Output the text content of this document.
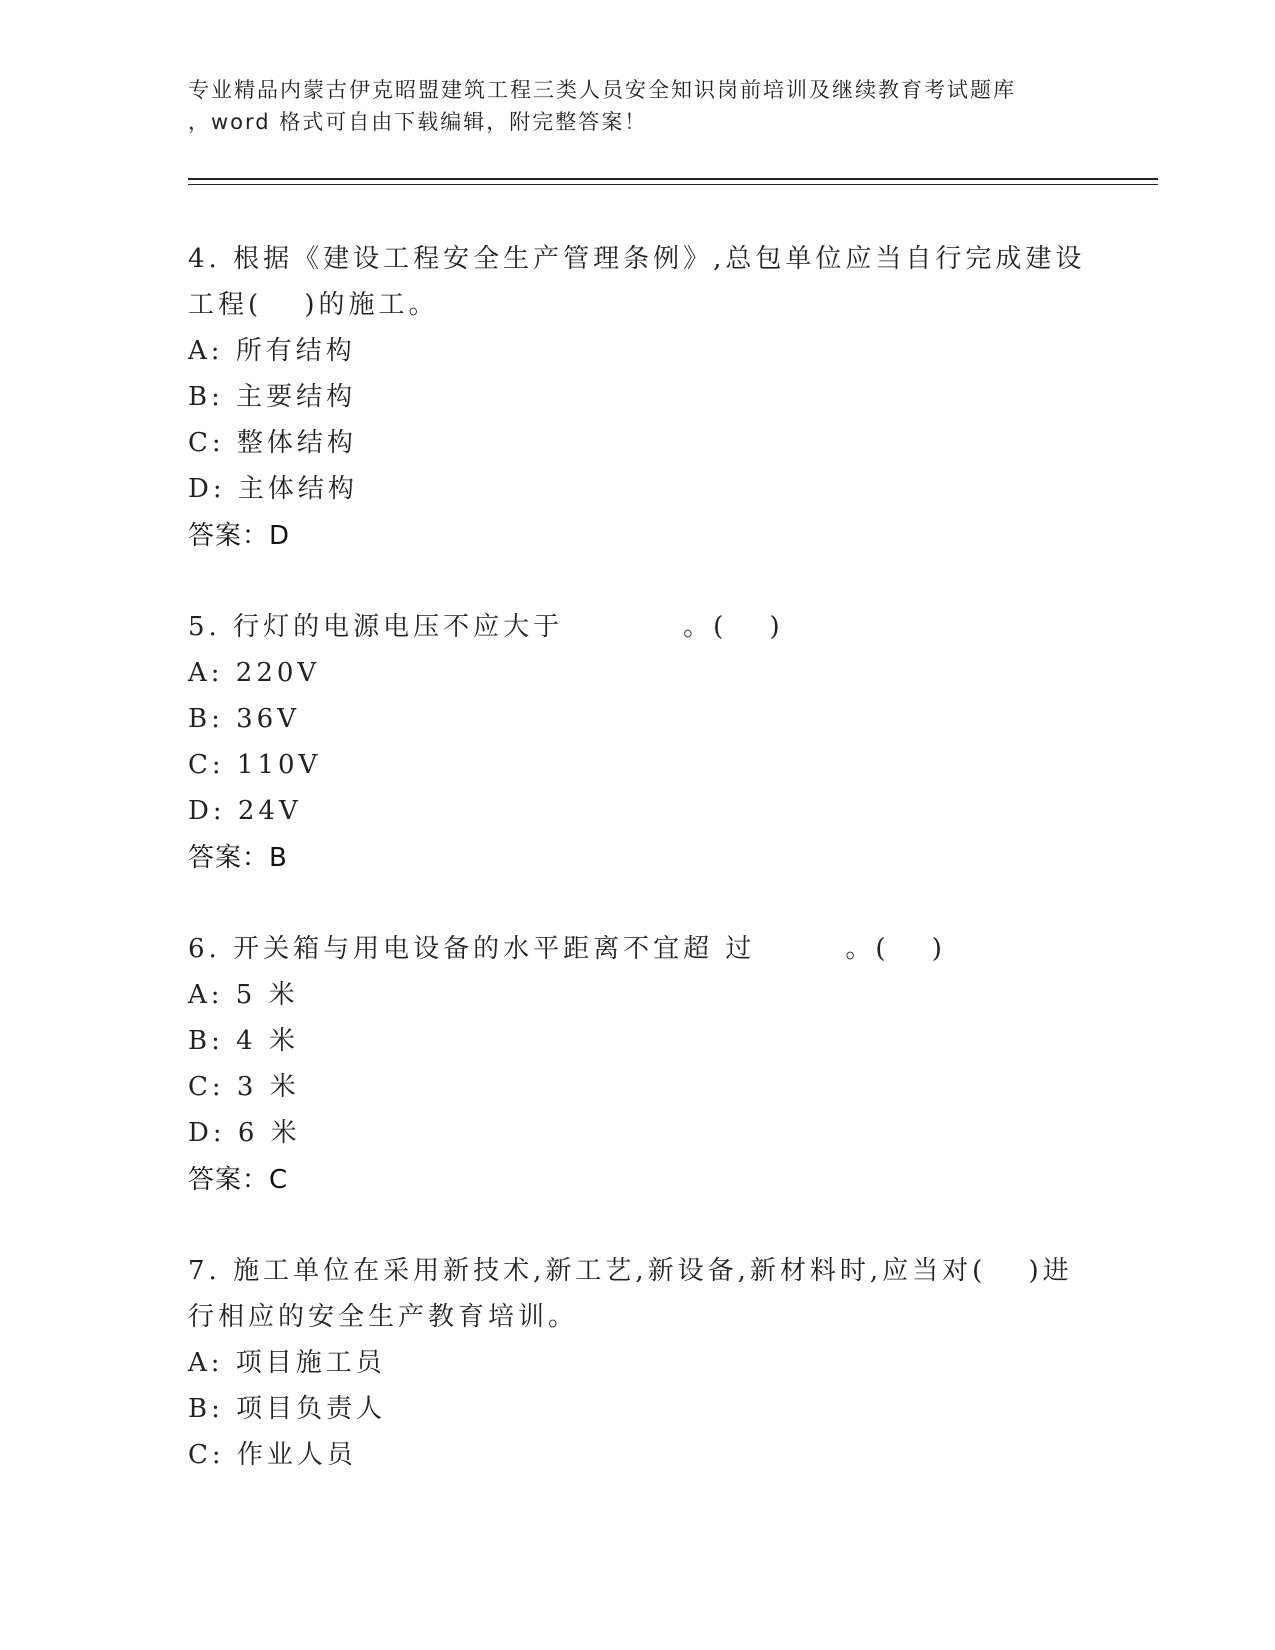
专业精品内蒙古伊克昭盟建筑工程三类人员安全知识岗前培训及继续教育考试题库
，word 格式可自由下载编辑，附完整答案！
4. 根据《建设工程安全生产管理条例》,总包单位应当自行完成建设
工程(　 )的施工。
A: 所有结构
B: 主要结构
C: 整体结构
D: 主体结构
答案：D
5. 行灯的电源电压不应大于　　　　。(　 )
A: 220V
B: 36V
C: 110V
D: 24V
答案：B
6. 开关箱与用电设备的水平距离不宜超 过　　　。(　 )
A: 5 米
B: 4 米
C: 3 米
D: 6 米
答案：C
7. 施工单位在采用新技术,新工艺,新设备,新材料时,应当对(　 )进
行相应的安全生产教育培训。
A: 项目施工员
B: 项目负责人
C: 作业人员
